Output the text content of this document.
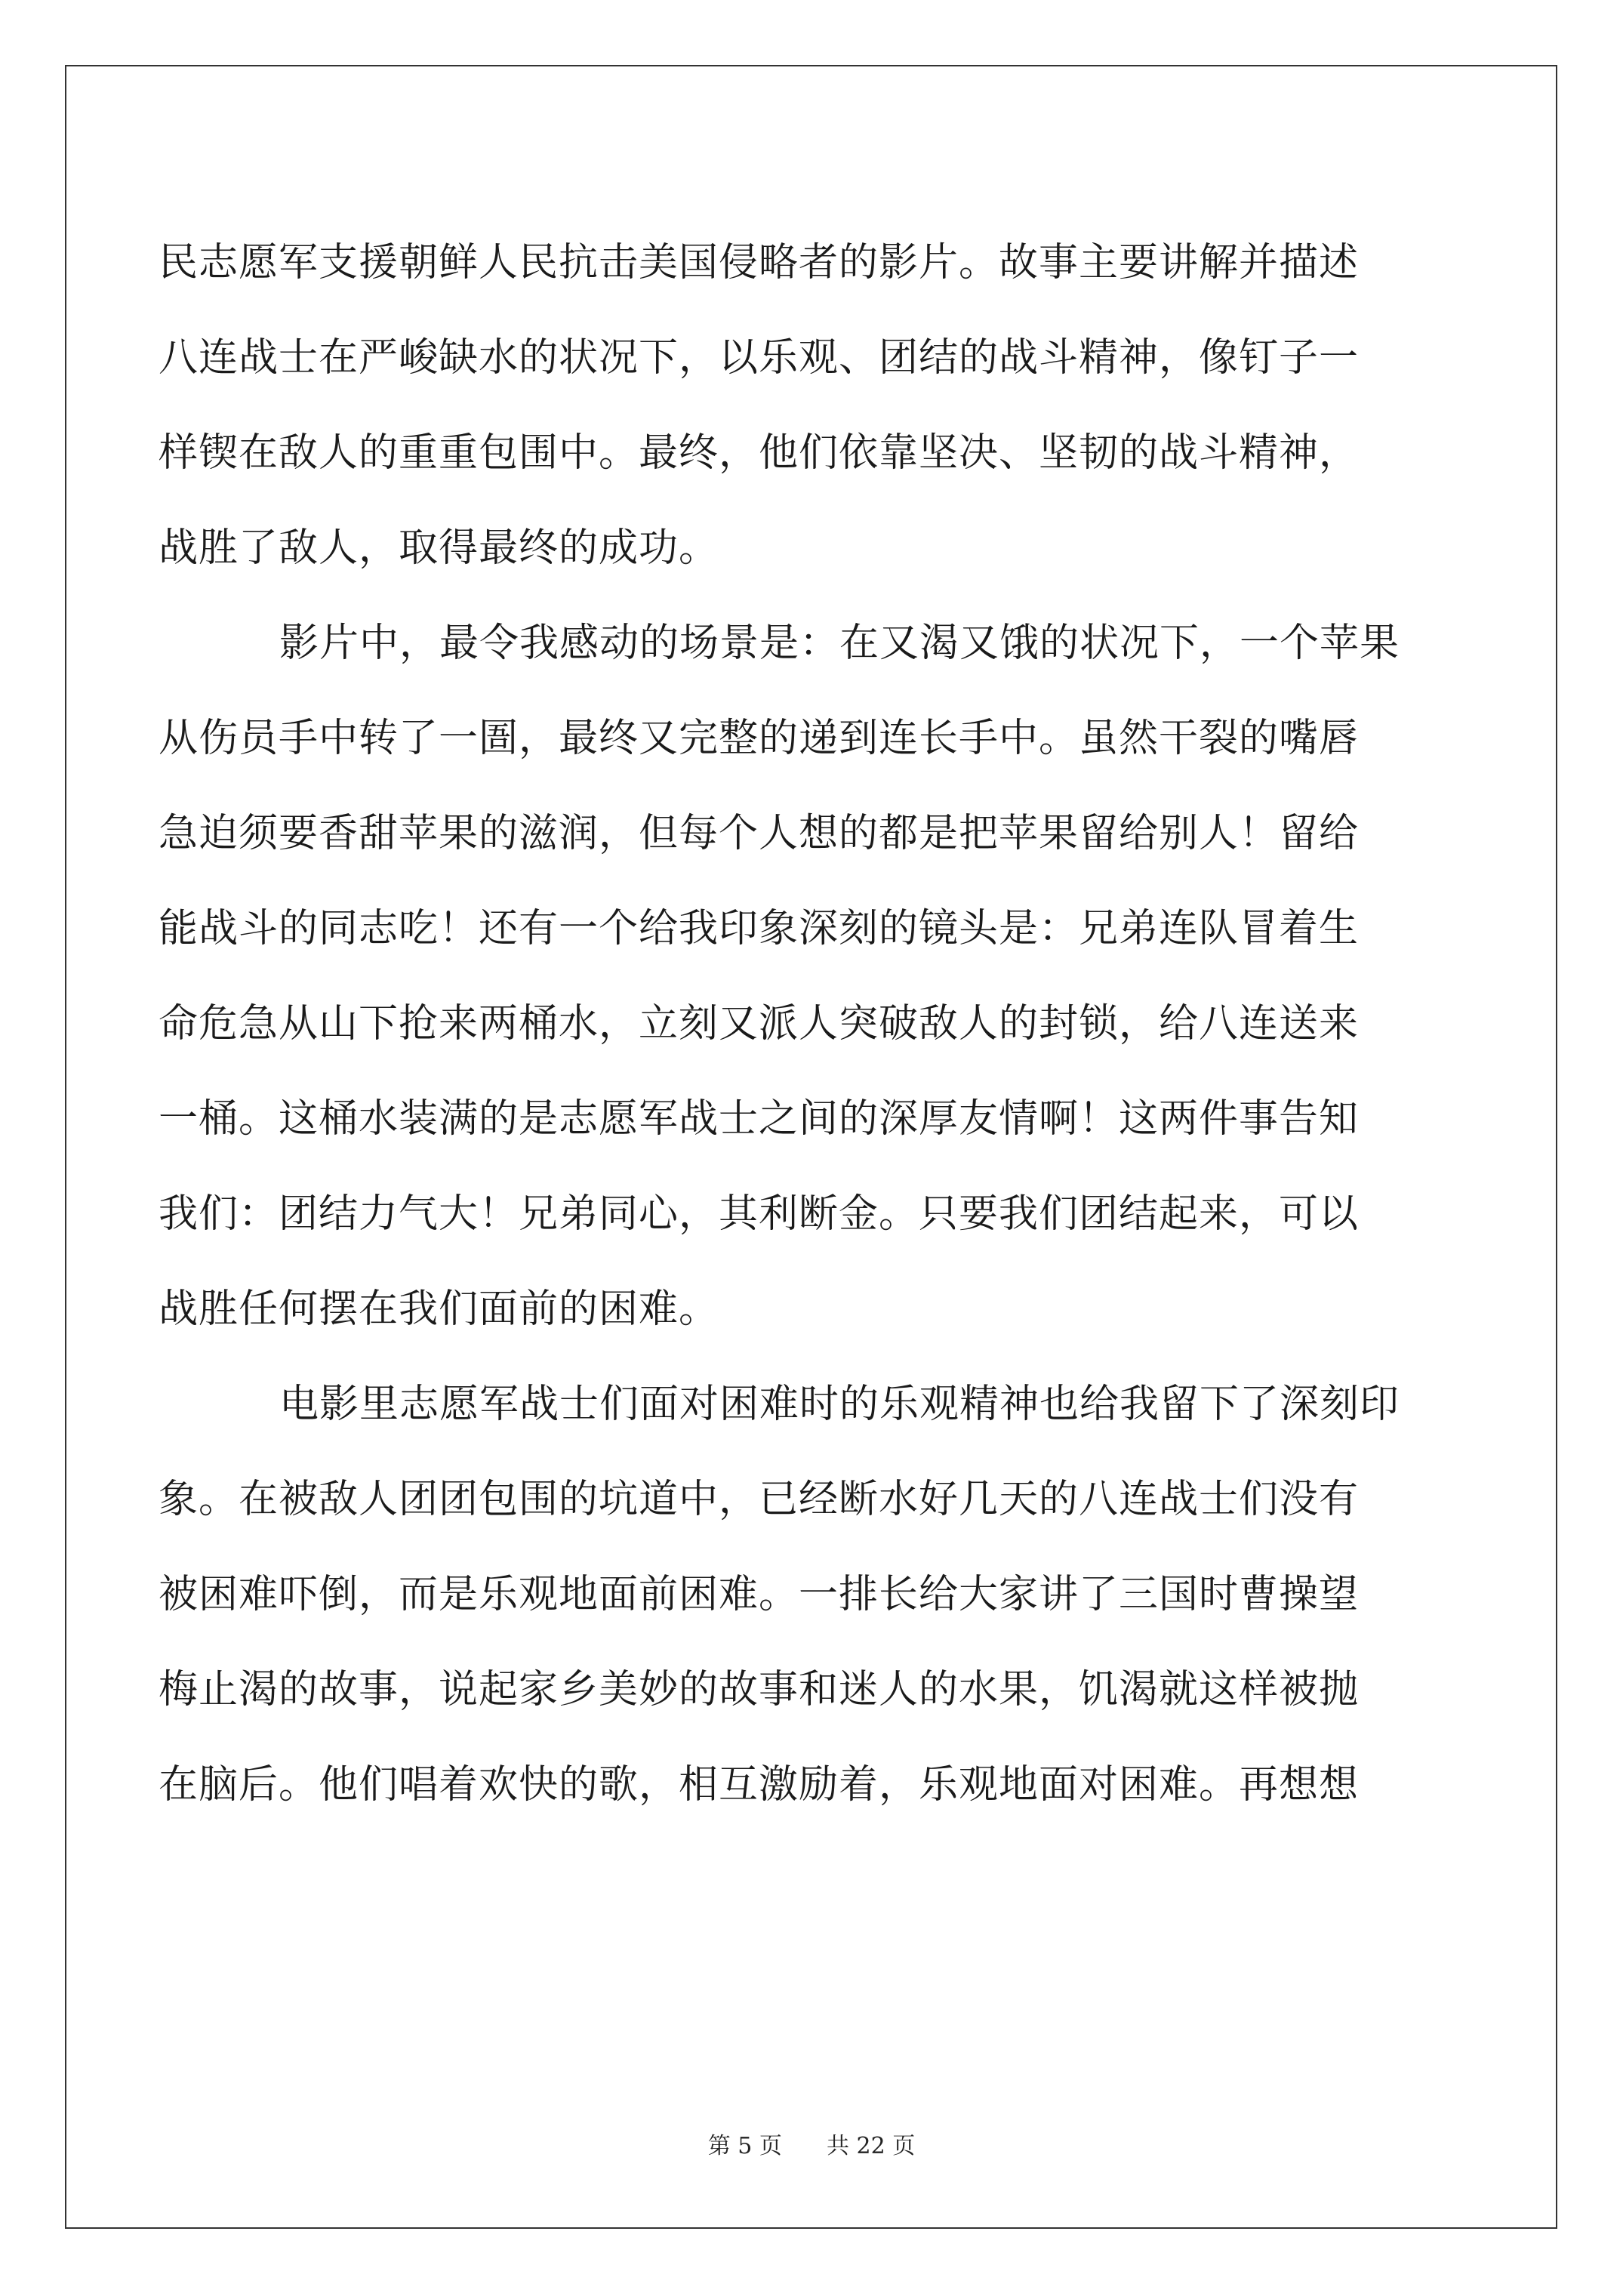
民志愿军支援朝鲜人民抗击美国侵略者的影片。故事主要讲解并描述
八连战士在严峻缺水的状况下，以乐观、团结的战斗精神，像钉子一
样锲在敌人的重重包围中。最终，他们依靠坚决、坚韧的战斗精神，
战胜了敌人，取得最终的成功。

影片中，最令我感动的场景是：在又渴又饿的状况下，一个苹果
从伤员手中转了一圄，最终又完整的递到连长手中。虽然干裂的嘴唇
急迫须要香甜苹果的滋润，但每个人想的都是把苹果留给别人！留给
能战斗的同志吃！还有一个给我印象深刻的镜头是：兄弟连队冒着生
命危急从山下抢来两桶水，立刻又派人突破敌人的封锁，给八连送来
一桶。这桶水装满的是志愿军战士之间的深厚友情啊！这两件事告知
我们：团结力气大！兄弟同心，其利断金。只要我们团结起来，可以
战胜任何摆在我们面前的困难。

电影里志愿军战士们面对困难时的乐观精神也给我留下了深刻印
象。在被敌人团团包围的坑道中，已经断水好几天的八连战士们没有
被困难吓倒，而是乐观地面前困难。一排长给大家讲了三国时曹操望
梅止渴的故事，说起家乡美妙的故事和迷人的水果，饥渴就这样被抛
在脑后。他们唱着欢快的歌，相互激励着，乐观地面对困难。再想想

第 5 页 共 22 页
